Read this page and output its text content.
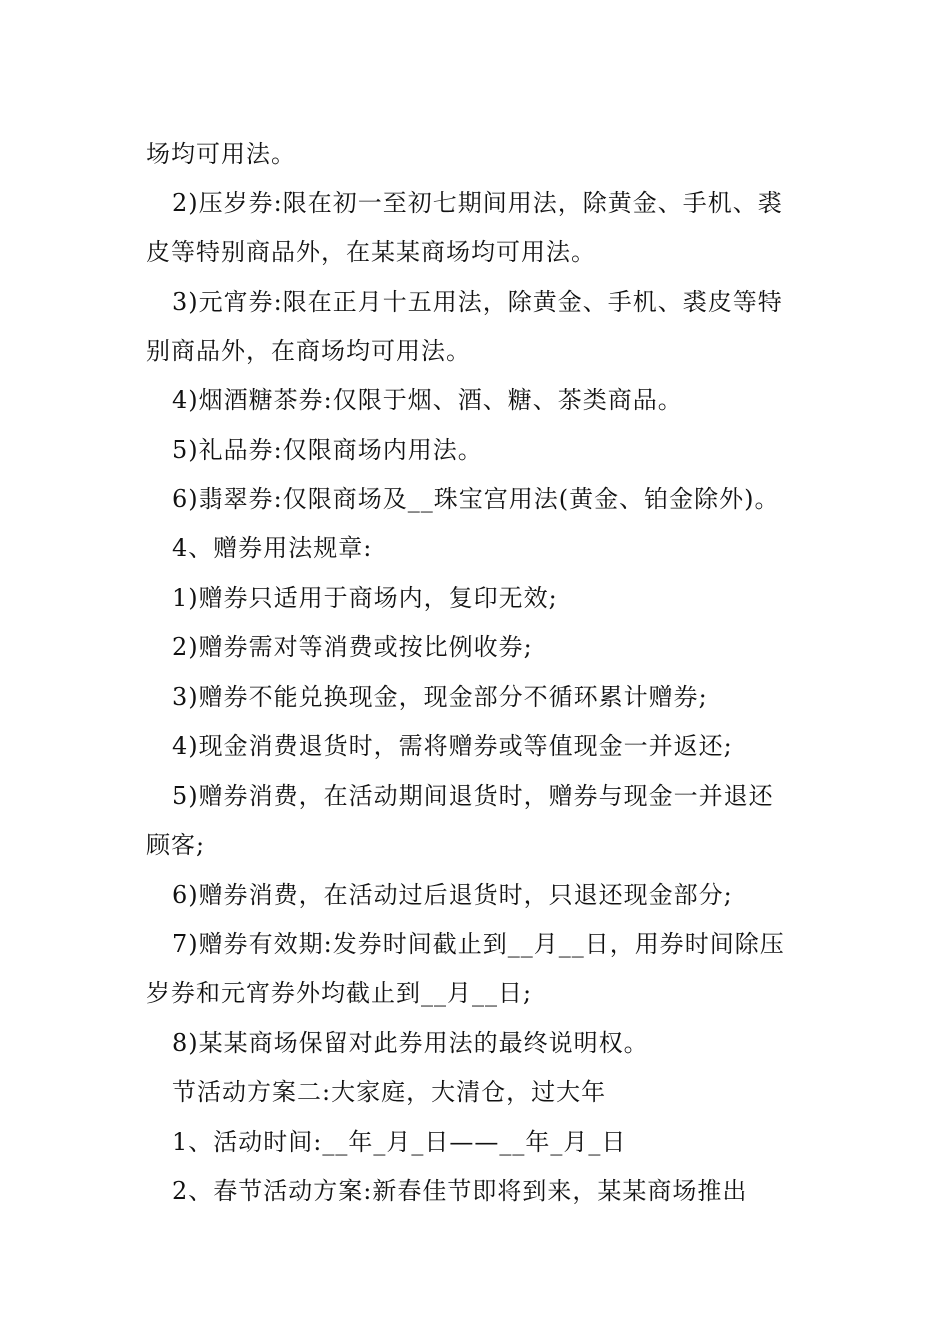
场均可用法。
2)压岁券:限在初一至初七期间用法，除黄金、手机、裘
皮等特别商品外，在某某商场均可用法。
3)元宵券:限在正月十五用法，除黄金、手机、裘皮等特
别商品外，在商场均可用法。
4)烟酒糖茶券:仅限于烟、酒、糖、茶类商品。
5)礼品券:仅限商场内用法。
6)翡翠券:仅限商场及__珠宝宫用法(黄金、铂金除外)。
4、赠券用法规章:
1)赠券只适用于商场内，复印无效;
2)赠券需对等消费或按比例收券;
3)赠券不能兑换现金，现金部分不循环累计赠券;
4)现金消费退货时，需将赠券或等值现金一并返还;
5)赠券消费，在活动期间退货时，赠券与现金一并退还
顾客;
6)赠券消费，在活动过后退货时，只退还现金部分;
7)赠券有效期:发券时间截止到__月__日，用券时间除压
岁券和元宵券外均截止到__月__日;
8)某某商场保留对此券用法的最终说明权。
节活动方案二:大家庭，大清仓，过大年
1、活动时间:__年_月_日——__年_月_日
2、春节活动方案:新春佳节即将到来，某某商场推出
